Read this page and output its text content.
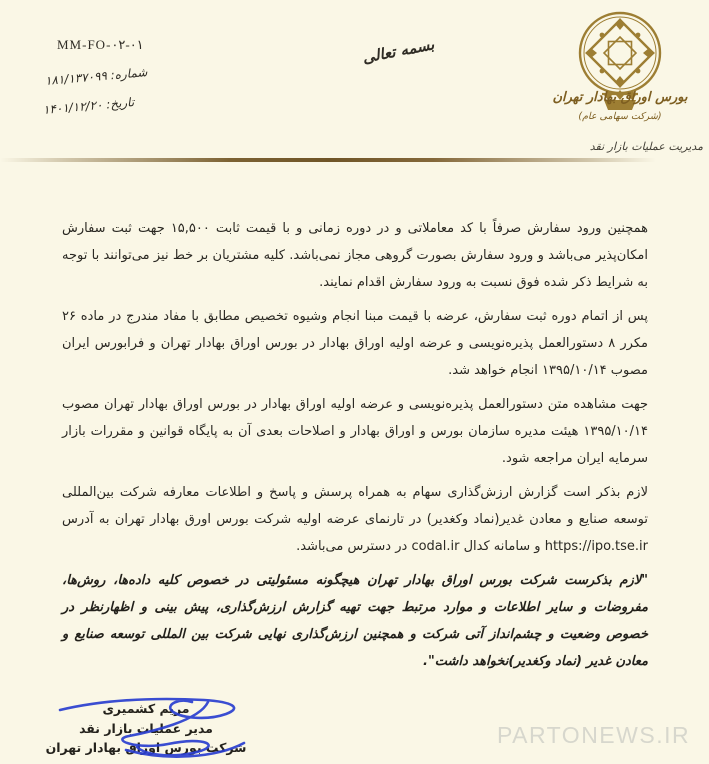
MM-FO-۰۲-۰۱
شماره: ۱۸۱/۱۳۷۰۹۹
تاریخ: ۱۴۰۱/۱۲/۲۰
بسمه تعالی
بورس اوراق بهادار تهران
(شرکت سهامی عام)
مدیریت عملیات بازار نقد

همچنین ورود سفارش صرفاً با کد معاملاتی و در دوره زمانی و با قیمت ثابت ۱۵,۵۰۰ جهت ثبت سفارش امکان‌پذیر می‌باشد و ورود سفارش بصورت گروهی مجاز نمی‌باشد. کلیه مشتریان بر خط نیز می‌توانند با توجه به شرایط ذکر شده فوق نسبت به ورود سفارش اقدام نمایند.

پس از اتمام دوره ثبت سفارش، عرضه با قیمت مبنا انجام وشیوه تخصیص مطابق با مفاد مندرج در ماده ۲۶ مکرر ۸ دستورالعمل پذیره‌نویسی و عرضه اولیه اوراق بهادار در بورس اوراق بهادار تهران و فرابورس ایران مصوب ۱۳۹۵/۱۰/۱۴ انجام خواهد شد.

جهت مشاهده متن دستورالعمل پذیره‌نویسی و عرضه اولیه اوراق بهادار در بورس اوراق بهادار تهران مصوب ۱۳۹۵/۱۰/۱۴ هیئت مدیره سازمان بورس و اوراق بهادار و اصلاحات بعدی آن به پایگاه قوانین و مقررات بازار سرمایه ایران مراجعه شود.

لازم بذکر است گزارش ارزش‌گذاری سهام به همراه پرسش و پاسخ و اطلاعات معارفه شرکت بین‌المللی توسعه صنایع و معادن غدیر(نماد وکغدیر) در تارنمای عرضه اولیه شرکت بورس اورق بهادار تهران به آدرس https://ipo.tse.ir و سامانه کدال codal.ir در دسترس می‌باشد.

"لازم بذکرست شرکت بورس اوراق بهادار تهران هیچگونه مسئولیتی در خصوص کلیه داده‌ها، روش‌ها، مفروضات و سایر اطلاعات و موارد مرتبط جهت تهیه گزارش ارزش‌گذاری، پیش بینی و اظهارنظر در خصوص وضعیت و چشم‌انداز آتی شرکت و همچنین ارزش‌گذاری نهایی شرکت بین المللی توسعه صنایع و معادن غدیر (نماد وکغدیر)نخواهد داشت".

مریم کشمیری
مدیر عملیات بازار نقد
شرکت بورس اوراق بهادار تهران	PARTONEWS.IR
